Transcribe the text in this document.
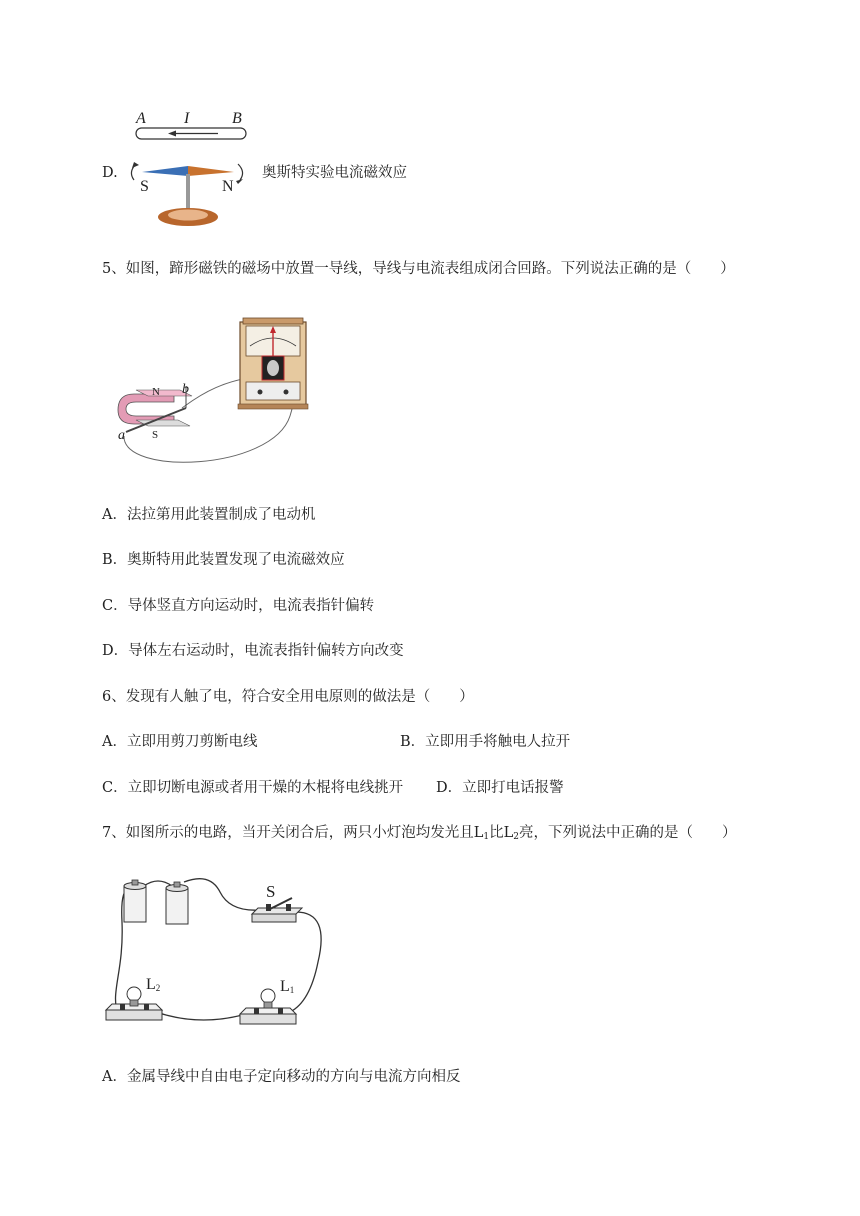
A I	B
S	N
D.	奥斯特实验电流磁效应
5、如图，蹄形磁铁的磁场中放置一导线，导线与电流表组成闭合回路。下列说法正确的是（　　）
N
S
a
b
A．法拉第用此装置制成了电动机
B．奥斯特用此装置发现了电流磁效应
C．导体竖直方向运动时，电流表指针偏转
D．导体左右运动时，电流表指针偏转方向改变
6、发现有人触了电，符合安全用电原则的做法是（　　）
A．立即用剪刀剪断电线	B．立即用手将触电人拉开
C．立即切断电源或者用干燥的木棍将电线挑开 D．立即打电话报警
7、如图所示的电路，当开关闭合后，两只小灯泡均发光且$L_1$比$L_2$亮，下列说法中正确的是（　　）
S
$L_2$	$L_1$
A．金属导线中自由电子定向移动的方向与电流方向相反
